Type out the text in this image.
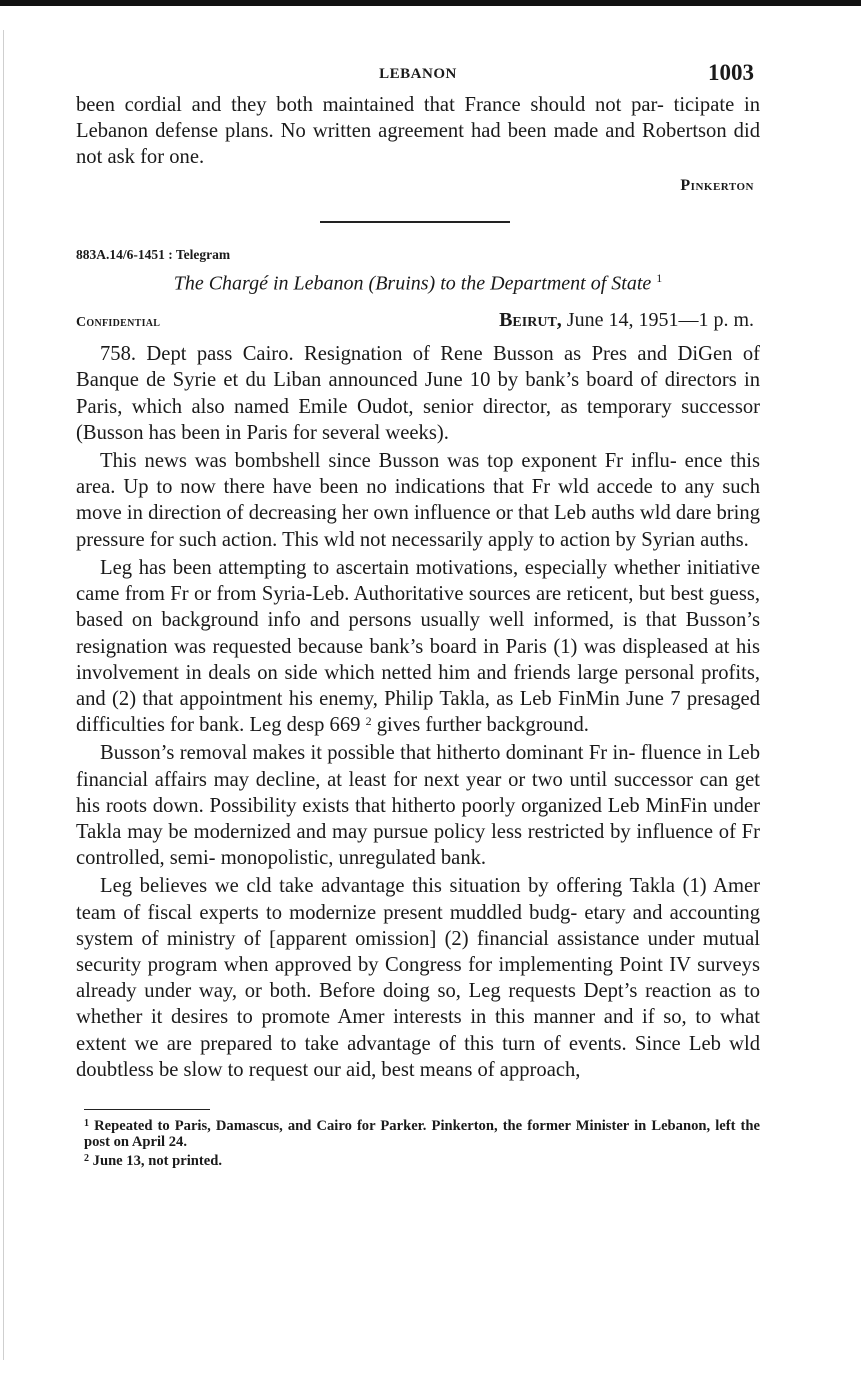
LEBANON	1003

been cordial and they both maintained that France should not par- ticipate in Lebanon defense plans. No written agreement had been made and Robertson did not ask for one.

Pinkerton
883A.14/6-1451 : Telegram
The Chargé in Lebanon (Bruins) to the Department of State $^1$
Confidential	Beirut, June 14, 1951—1 p. m.

758. Dept pass Cairo. Resignation of Rene Busson as Pres and DiGen of Banque de Syrie et du Liban announced June 10 by bank’s board of directors in Paris, which also named Emile Oudot, senior director, as temporary successor (Busson has been in Paris for several weeks).

This news was bombshell since Busson was top exponent Fr influ- ence this area. Up to now there have been no indications that Fr wld accede to any such move in direction of decreasing her own influence or that Leb auths wld dare bring pressure for such action. This wld not necessarily apply to action by Syrian auths.

Leg has been attempting to ascertain motivations, especially whether initiative came from Fr or from Syria-Leb. Authoritative sources are reticent, but best guess, based on background info and persons usually well informed, is that Busson’s resignation was requested because bank’s board in Paris (1) was displeased at his involvement in deals on side which netted him and friends large personal profits, and (2) that appointment his enemy, Philip Takla, as Leb FinMin June 7 presaged difficulties for bank. Leg desp 669 $^2$ gives further background.

Busson’s removal makes it possible that hitherto dominant Fr in- fluence in Leb financial affairs may decline, at least for next year or two until successor can get his roots down. Possibility exists that hitherto poorly organized Leb MinFin under Takla may be modernized and may pursue policy less restricted by influence of Fr controlled, semi- monopolistic, unregulated bank.

Leg believes we cld take advantage this situation by offering Takla (1) Amer team of fiscal experts to modernize present muddled budg- etary and accounting system of ministry of [apparent omission] (2) financial assistance under mutual security program when approved by Congress for implementing Point IV surveys already under way, or both. Before doing so, Leg requests Dept’s reaction as to whether it desires to promote Amer interests in this manner and if so, to what extent we are prepared to take advantage of this turn of events. Since Leb wld doubtless be slow to request our aid, best means of approach,

$^1$ Repeated to Paris, Damascus, and Cairo for Parker. Pinkerton, the former Minister in Lebanon, left the post on April 24.
$^2$ June 13, not printed.
